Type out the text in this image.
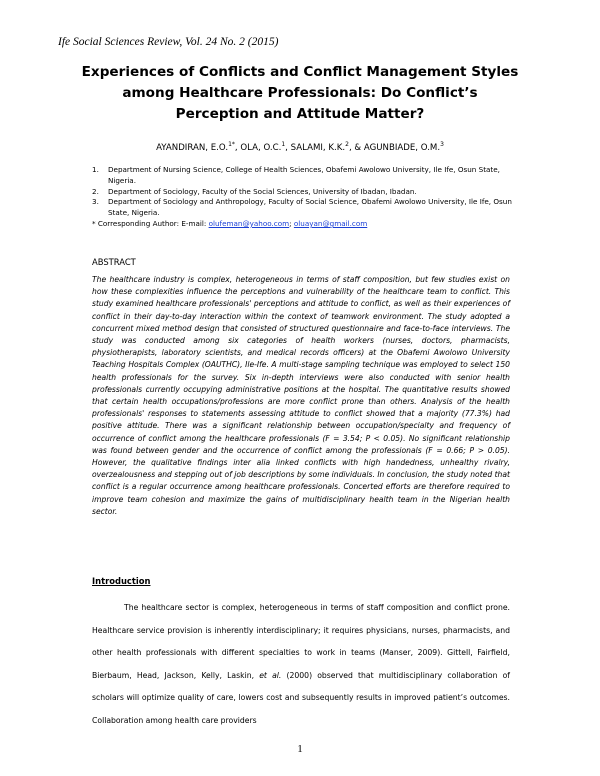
Ife Social Sciences Review, Vol. 24 No. 2 (2015)
Experiences of Conflicts and Conflict Management Styles among Healthcare Professionals: Do Conflict’s Perception and Attitude Matter?
AYANDIRAN, E.O.$^{1*}$, OLA, O.C.$^1$, SALAMI, K.K.$^2$, & AGUNBIADE, O.M.$^3$
1.	Department of Nursing Science, College of Health Sciences, Obafemi Awolowo University, Ile Ife, Osun State, Nigeria.
2.	Department of Sociology, Faculty of the Social Sciences, University of Ibadan, Ibadan.
3.	Department of Sociology and Anthropology, Faculty of Social Science, Obafemi Awolowo University, Ile Ife, Osun State, Nigeria.
* Corresponding Author: E-mail: olufeman@yahoo.com; oluayan@gmail.com
ABSTRACT
The healthcare industry is complex, heterogeneous in terms of staff composition, but few studies exist on how these complexities influence the perceptions and vulnerability of the healthcare team to conflict. This study examined healthcare professionals' perceptions and attitude to conflict, as well as their experiences of conflict in their day-to-day interaction within the context of teamwork environment. The study adopted a concurrent mixed method design that consisted of structured questionnaire and face-to-face interviews. The study was conducted among six categories of health workers (nurses, doctors, pharmacists, physiotherapists, laboratory scientists, and medical records officers) at the Obafemi Awolowo University Teaching Hospitals Complex (OAUTHC), Ile-Ife. A multi-stage sampling technique was employed to select 150 health professionals for the survey. Six in-depth interviews were also conducted with senior health professionals currently occupying administrative positions at the hospital. The quantitative results showed that certain health occupations/professions are more conflict prone than others. Analysis of the health professionals' responses to statements assessing attitude to conflict showed that a majority (77.3%) had positive attitude. There was a significant relationship between occupation/specialty and frequency of occurrence of conflict among the healthcare professionals (F = 3.54; P < 0.05). No significant relationship was found between gender and the occurrence of conflict among the professionals (F = 0.66; P > 0.05). However, the qualitative findings inter alia linked conflicts with high handedness, unhealthy rivalry, overzealousness and stepping out of job descriptions by some individuals. In conclusion, the study noted that conflict is a regular occurrence among healthcare professionals. Concerted efforts are therefore required to improve team cohesion and maximize the gains of multidisciplinary health team in the Nigerian health sector.
Introduction
The healthcare sector is complex, heterogeneous in terms of staff composition and conflict prone. Healthcare service provision is inherently interdisciplinary; it requires physicians, nurses, pharmacists, and other health professionals with different specialties to work in teams (Manser, 2009). Gittell, Fairfield, Bierbaum, Head, Jackson, Kelly, Laskin, et al. (2000) observed that multidisciplinary collaboration of scholars will optimize quality of care, lowers cost and subsequently results in improved patient’s outcomes. Collaboration among health care providers
1
